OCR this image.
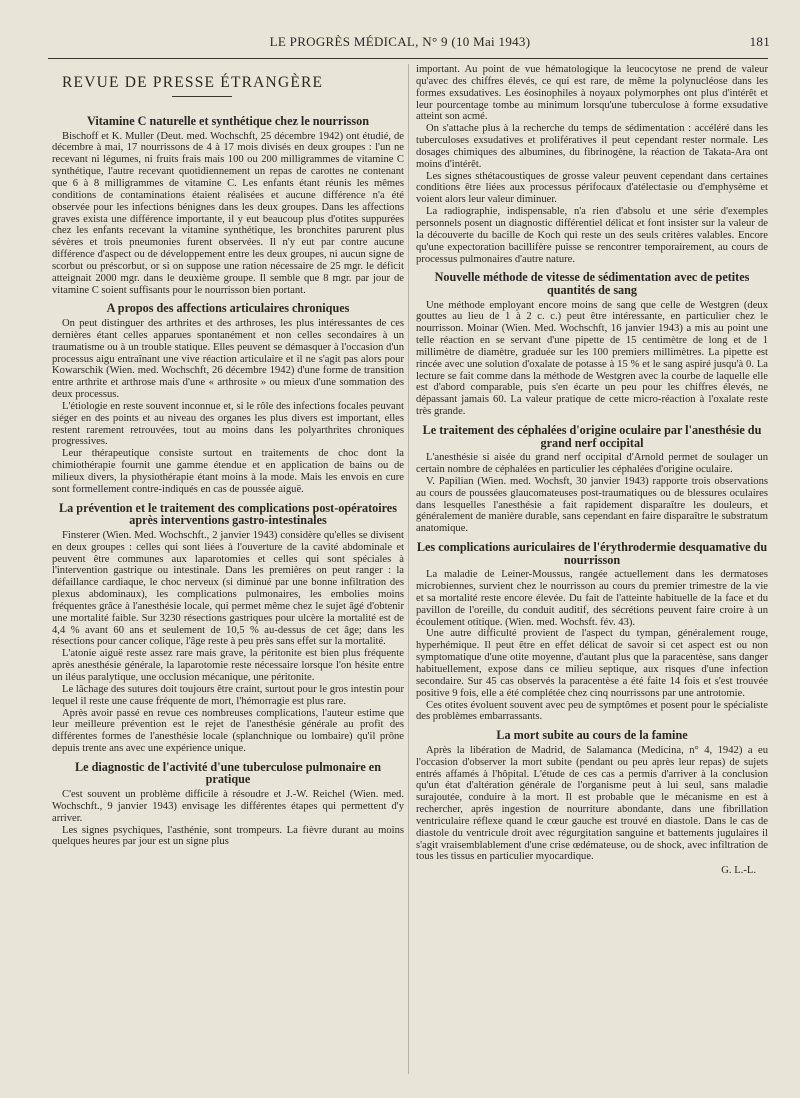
LE PROGRÈS MÉDICAL, N° 9 (10 Mai 1943)	181
REVUE DE PRESSE ÉTRANGÈRE
Vitamine C naturelle et synthétique chez le nourrisson

Bischoff et K. Muller (Deut. med. Wochschft, 25 décembre 1942) ont étudié, de décembre à mai, 17 nourrissons de 4 à 17 mois divisés en deux groupes : l'un ne recevant ni légumes, ni fruits frais mais 100 ou 200 milligrammes de vitamine C synthétique, l'autre recevant quotidiennement un repas de carottes ne contenant que 6 à 8 milligrammes de vitamine C. Les enfants étant réunis les mêmes conditions de contaminations étaient réalisées et aucune différence n'a été observée pour les infections bénignes dans les deux groupes. Dans les affections graves exista une différence importante, il y eut beaucoup plus d'otites suppurées chez les enfants recevant la vitamine synthétique, les bronchites parurent plus sévères et trois pneumonies furent observées. Il n'y eut par contre aucune différence d'aspect ou de développement entre les deux groupes, ni aucun signe de scorbut ou préscorbut, or si on suppose une ration nécessaire de 25 mgr. le déficit atteignait 2000 mgr. dans le deuxième groupe. Il semble que 8 mgr. par jour de vitamine C soient suffisants pour le nourrisson bien portant.

A propos des affections articulaires chroniques

On peut distinguer des arthrites et des arthroses, les plus intéressantes de ces dernières étant celles apparues spontanément et non celles secondaires à un traumatisme ou à un trouble statique. Elles peuvent se démasquer à l'occasion d'un processus aigu entraînant une vive réaction articulaire et il ne s'agit pas alors pour Kowarschik (Wien. med. Wochschft, 26 décembre 1942) d'une forme de transition entre arthrite et arthrose mais d'une « arthrosite » ou mieux d'une sommation des deux processus.

L'étiologie en reste souvent inconnue et, si le rôle des infections focales peuvant siéger en des points et au niveau des organes les plus divers est important, elles restent rarement retrouvées, tout au moins dans les polyarthrites chroniques progressives.

Leur thérapeutique consiste surtout en traitements de choc dont la chimiothérapie fournit une gamme étendue et en application de bains ou de milieux divers, la physiothérapie étant moins à la mode. Mais les envois en cure sont formellement contre-indiqués en cas de poussée aiguë.

La prévention et le traitement des complications post-opératoires après interventions gastro-intestinales

Finsterer (Wien. Med. Wochschft., 2 janvier 1943) considère qu'elles se divisent en deux groupes : celles qui sont liées à l'ouverture de la cavité abdominale et peuvent être communes aux laparotomies et celles qui sont spéciales à l'intervention gastrique ou intestinale. Dans les premières on peut ranger : la défaillance cardiaque, le choc nerveux (si diminué par une bonne infiltration des plexus abdominaux), les complications pulmonaires, les embolies moins fréquentes grâce à l'anesthésie locale, qui permet même chez le sujet âgé d'obtenir une mortalité faible. Sur 3230 résections gastriques pour ulcère la mortalité est de 4,4 % avant 60 ans et seulement de 10,5 % au-dessus de cet âge; dans les résections pour cancer colique, l'âge reste à peu près sans effet sur la mortalité.

L'atonie aiguë reste assez rare mais grave, la péritonite est bien plus fréquente après anesthésie générale, la laparotomie reste nécessaire lorsque l'on hésite entre un iléus paralytique, une occlusion mécanique, une péritonite.

Le lâchage des sutures doit toujours être craint, surtout pour le gros intestin pour lequel il reste une cause fréquente de mort, l'hémorragie est plus rare.

Après avoir passé en revue ces nombreuses complications, l'auteur estime que leur meilleure prévention est le rejet de l'anesthésie générale au profit des différentes formes de l'anesthésie locale (splanchnique ou lombaire) qu'il prône depuis trente ans avec une expérience unique.

Le diagnostic de l'activité d'une tuberculose pulmonaire en pratique

C'est souvent un problème difficile à résoudre et J.-W. Reichel (Wien. med. Wochschft., 9 janvier 1943) envisage les différentes étapes qui permettent d'y arriver.

Les signes psychiques, l'asthénie, sont trompeurs. La fièvre durant au moins quelques heures par jour est un signe plus

important. Au point de vue hématologique la leucocytose ne prend de valeur qu'avec des chiffres élevés, ce qui est rare, de même la polynucléose dans les formes exsudatives. Les éosinophiles à noyaux polymorphes ont plus d'intérêt et leur pourcentage tombe au minimum lorsqu'une tuberculose à forme exsudative atteint son acmé.

On s'attache plus à la recherche du temps de sédimentation : accéléré dans les tuberculoses exsudatives et prolifératives il peut cependant rester normale. Les dosages chimiques des albumines, du fibrinogène, la réaction de Takata-Ara ont moins d'intérêt.

Les signes sthétacoustiques de grosse valeur peuvent cependant dans certaines conditions être liées aux processus périfocaux d'atélectasie ou d'emphysème et voient alors leur valeur diminuer.

La radiographie, indispensable, n'a rien d'absolu et une série d'exemples personnels posent un diagnostic différentiel délicat et font insister sur la valeur de la découverte du bacille de Koch qui reste un des seuls critères valables. Encore qu'une expectoration bacillifère puisse se rencontrer temporairement, au cours de processus pulmonaires d'autre nature.

Nouvelle méthode de vitesse de sédimentation avec de petites quantités de sang

Une méthode employant encore moins de sang que celle de Westgren (deux gouttes au lieu de 1 à 2 c. c.) peut être intéressante, en particulier chez le nourrisson. Moinar (Wien. Med. Wochschft, 16 janvier 1943) a mis au point une telle réaction en se servant d'une pipette de 15 centimètre de long et de 1 millimètre de diamètre, graduée sur les 100 premiers millimètres. La pipette est rincée avec une solution d'oxalate de potasse à 15 % et le sang aspiré jusqu'à 0. La lecture se fait comme dans la méthode de Westgren avec la courbe de laquelle elle est d'abord comparable, puis s'en écarte un peu pour les chiffres élevés, ne dépassant jamais 60. La valeur pratique de cette micro-réaction à l'oxalate reste très grande.

Le traitement des céphalées d'origine oculaire par l'anesthésie du grand nerf occipital

L'anesthésie si aisée du grand nerf occipital d'Arnold permet de soulager un certain nombre de céphalées en particulier les céphalées d'origine oculaire.

V. Papilian (Wien. med. Wochsft, 30 janvier 1943) rapporte trois observations au cours de poussées glaucomateuses post-traumatiques ou de blessures oculaires dans lesquelles l'anesthésie a fait rapidement disparaître les douleurs, et généralement de manière durable, sans cependant en faire disparaître le substratum anatomique.

Les complications auriculaires de l'érythrodermie desquamative du nourrisson

La maladie de Leiner-Moussus, rangée actuellement dans les dermatoses microbiennes, survient chez le nourrisson au cours du premier trimestre de la vie et sa mortalité reste encore élevée. Du fait de l'atteinte habituelle de la face et du pavillon de l'oreille, du conduit auditif, des sécrétions peuvent faire croire à un écoulement otitique. (Wien. med. Wochsft. fév. 43).

Une autre difficulté provient de l'aspect du tympan, généralement rouge, hyperhémique. Il peut être en effet délicat de savoir si cet aspect est ou non symptomatique d'une otite moyenne, d'autant plus que la paracentèse, sans danger habituellement, expose dans ce milieu septique, aux risques d'une infection secondaire. Sur 45 cas observés la paracentèse a été faite 14 fois et s'est trouvée positive 9 fois, elle a été complétée chez cinq nourrissons par une antrotomie.

Ces otites évoluent souvent avec peu de symptômes et posent pour le spécialiste des problèmes embarrassants.

La mort subite au cours de la famine

Après la libération de Madrid, de Salamanca (Medicina, n° 4, 1942) a eu l'occasion d'observer la mort subite (pendant ou peu après leur repas) de sujets entrés affamés à l'hôpital. L'étude de ces cas a permis d'arriver à la conclusion qu'un état d'altération générale de l'organisme peut à lui seul, sans maladie surajoutée, conduire à la mort. Il est probable que le mécanisme en est à rechercher, après ingestion de nourriture abondante, dans une fibrillation ventriculaire réflexe quand le cœur gauche est trouvé en diastole. Dans le cas de diastole du ventricule droit avec régurgitation sanguine et battements jugulaires il s'agit vraisemblablement d'une crise œdémateuse, ou de shock, avec infiltration de tous les tissus en particulier myocardique.

G. L.-L.
